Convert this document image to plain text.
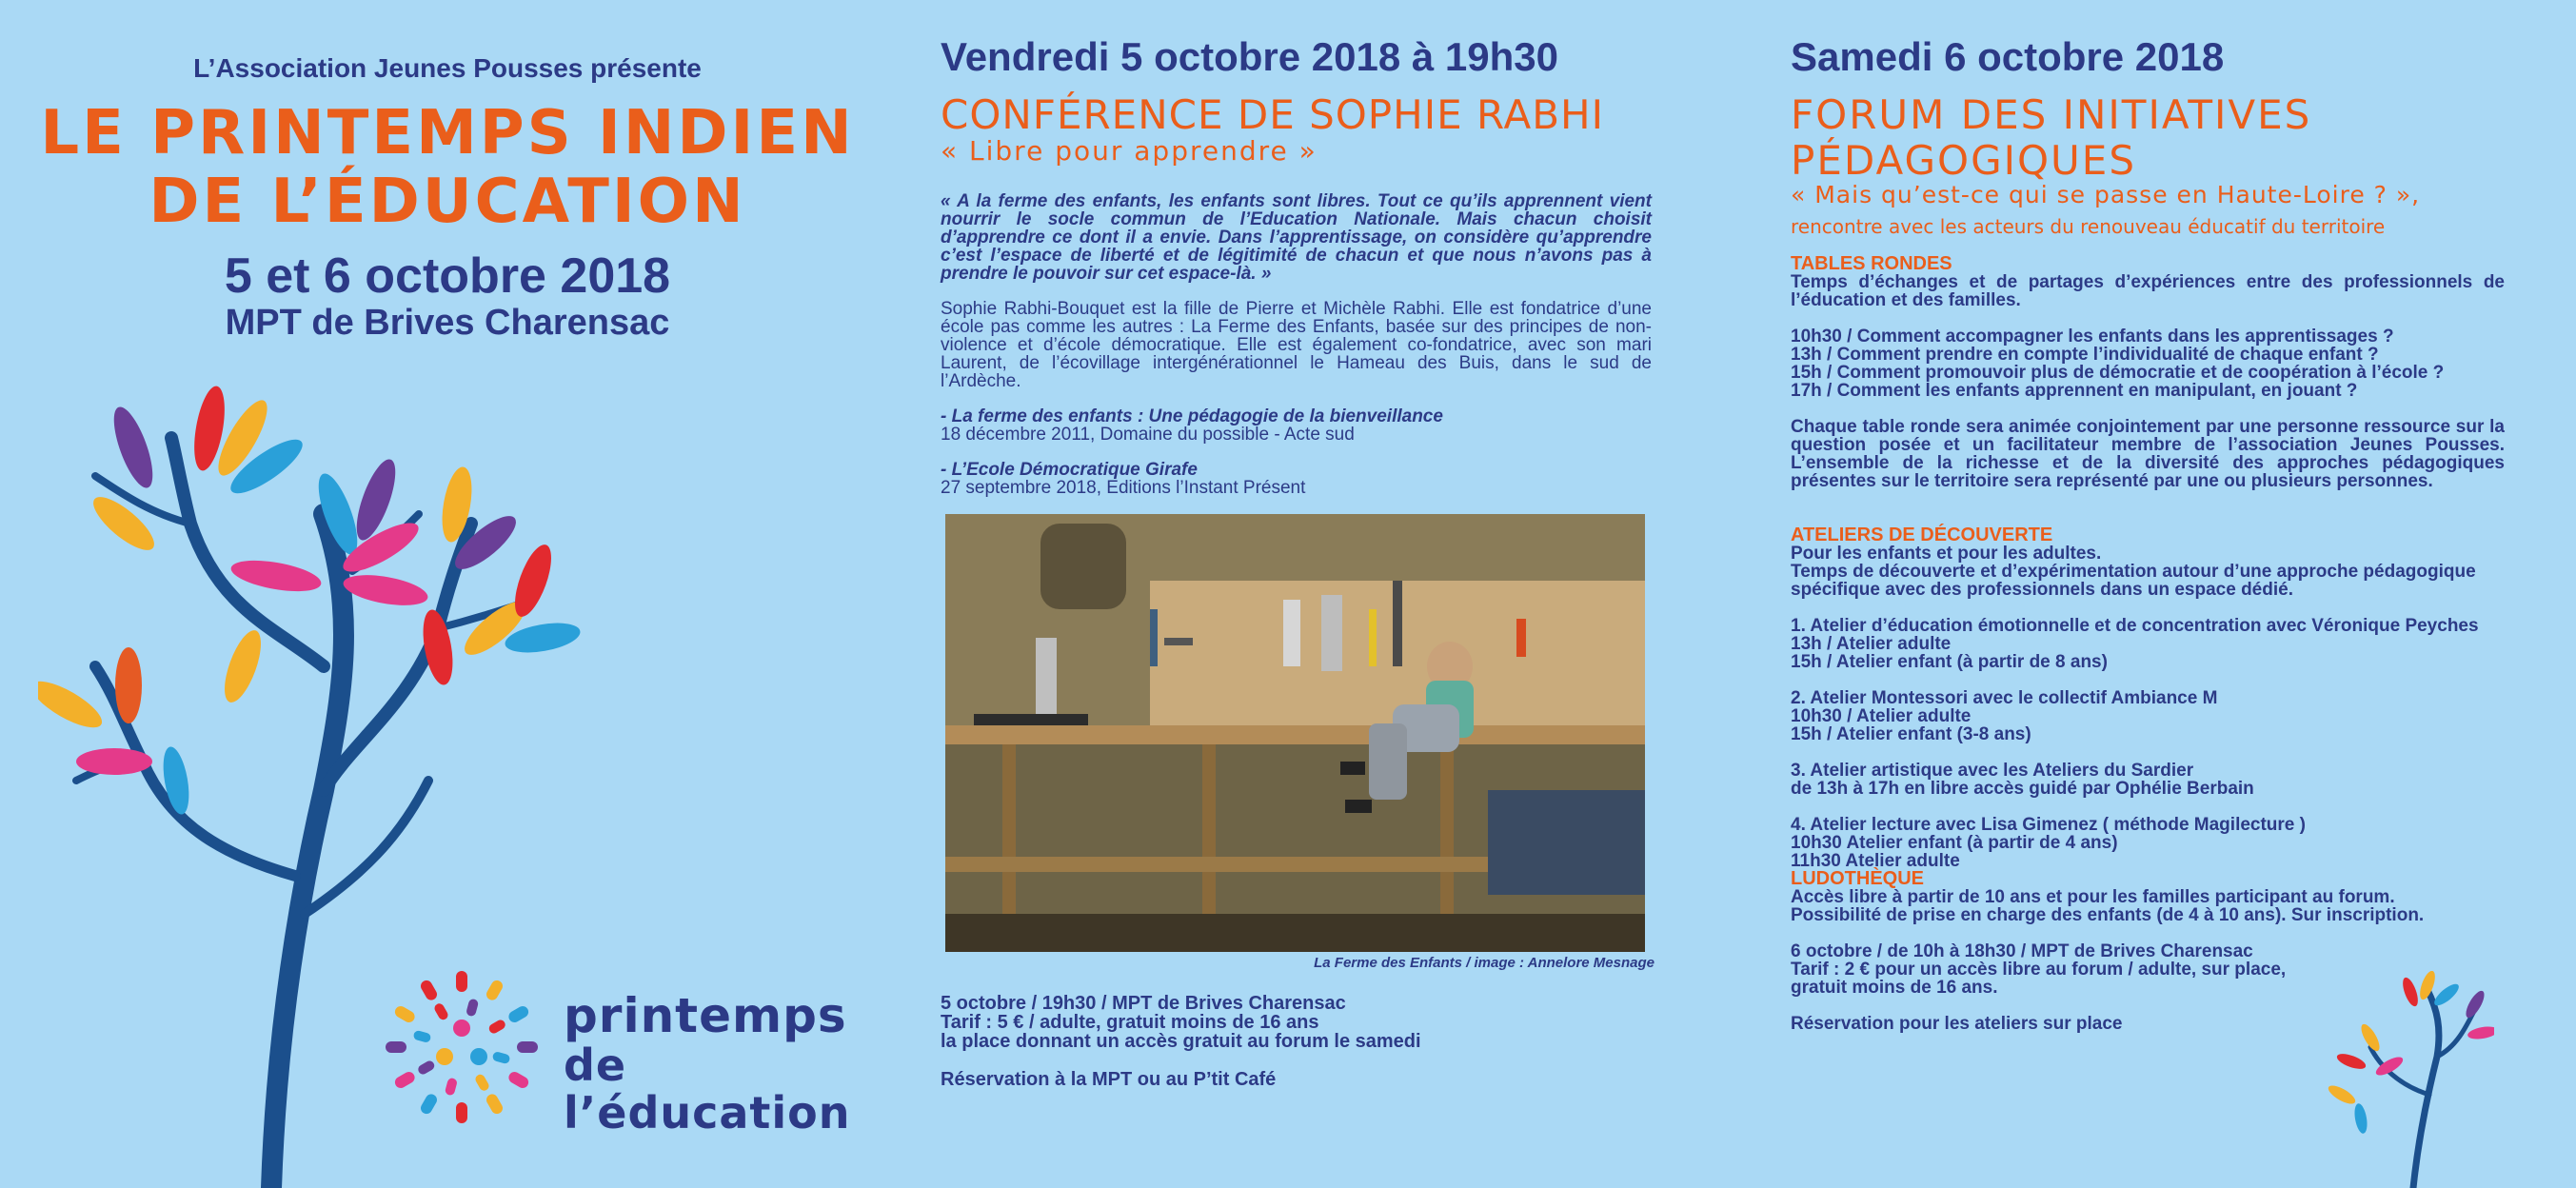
L’Association Jeunes Pousses présente
LE PRINTEMPS INDIEN
DE L’ÉDUCATION
5 et 6 octobre 2018
MPT de Brives Charensac
printemps
de l’éducation
Vendredi 5 octobre 2018 à 19h30
CONFÉRENCE DE SOPHIE RABHI
« Libre pour apprendre »

« A la ferme des enfants, les enfants sont libres. Tout ce qu’ils apprennent vient nourrir le socle commun de l’Education Nationale. Mais chacun choisit d’apprendre ce dont il a envie. Dans l’apprentissage, on considère qu’apprendre c’est l’espace de liberté et de légitimité de chacun et que nous n’avons pas à prendre le pouvoir sur cet espace-là. »

Sophie Rabhi-Bouquet est la fille de Pierre et Michèle Rabhi. Elle est fondatrice d’une école pas comme les autres : La Ferme des Enfants, basée sur des principes de non-violence et d’école démocratique. Elle est également co-fondatrice, avec son mari Laurent, de l’écovillage intergénérationnel le Hameau des Buis, dans le sud de l’Ardèche.

- La ferme des enfants : Une pédagogie de la bienveillance
18 décembre 2011, Domaine du possible - Acte sud
- L’Ecole Démocratique Girafe
27 septembre 2018, Editions l’Instant Présent
La Ferme des Enfants / image : Annelore Mesnage
5 octobre / 19h30 / MPT de Brives Charensac
Tarif : 5 € / adulte, gratuit moins de 16 ans
la place donnant un accès gratuit au forum le samedi
Réservation à la MPT ou au P’tit Café
Samedi 6 octobre 2018
FORUM DES INITIATIVES
PÉDAGOGIQUES
« Mais qu’est-ce qui se passe en Haute-Loire ? »,
rencontre avec les acteurs du renouveau éducatif du territoire
TABLES RONDES
Temps d’échanges et de partages d’expériences entre des professionnels de l’éducation et des familles.
10h30 / Comment accompagner les enfants dans les apprentissages ?
13h / Comment prendre en compte l’individualité de chaque enfant ?
15h / Comment promouvoir plus de démocratie et de coopération à l’école ?
17h / Comment les enfants apprennent en manipulant, en jouant ?
Chaque table ronde sera animée conjointement par une personne ressource sur la question posée et un facilitateur membre de l’association Jeunes Pousses. L’ensemble de la richesse et de la diversité des approches pédagogiques présentes sur le territoire sera représenté par une ou plusieurs personnes.
ATELIERS DE DÉCOUVERTE
Pour les enfants et pour les adultes.
Temps de découverte et d’expérimentation autour d’une approche pédagogique spécifique avec des professionnels dans un espace dédié.
1. Atelier d’éducation émotionnelle et de concentration avec Véronique Peyches
13h / Atelier adulte
15h / Atelier enfant (à partir de 8 ans)
2. Atelier Montessori avec le collectif Ambiance M
10h30 / Atelier adulte
15h / Atelier enfant (3-8 ans)
3. Atelier artistique avec les Ateliers du Sardier
de 13h à 17h en libre accès guidé par Ophélie Berbain
4. Atelier lecture avec Lisa Gimenez ( méthode Magilecture )
10h30 Atelier enfant (à partir de 4 ans)
11h30 Atelier adulte
LUDOTHÈQUE
Accès libre à partir de 10 ans et pour les familles participant au forum.
Possibilité de prise en charge des enfants (de 4 à 10 ans). Sur inscription.
6 octobre / de 10h à 18h30 / MPT de Brives Charensac
Tarif : 2 € pour un accès libre au forum / adulte, sur place,
gratuit moins de 16 ans.
Réservation pour les ateliers sur place
